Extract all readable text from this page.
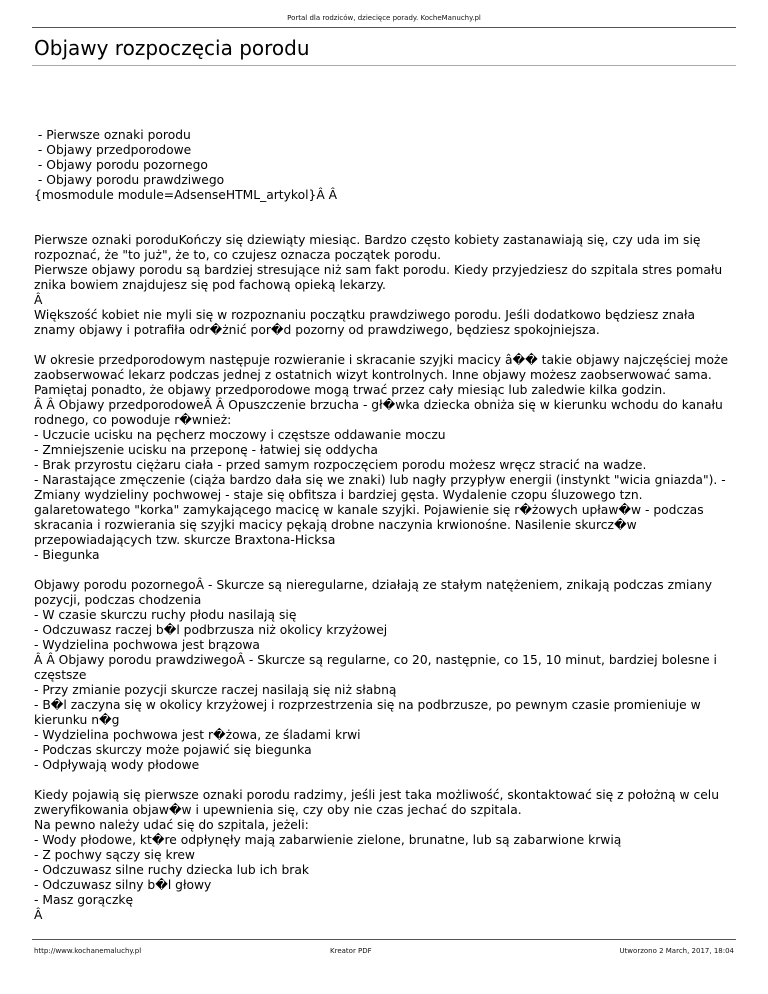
Portal dla rodziców, dziecięce porady. KocheManuchy.pl
Objawy rozpoczęcia porodu

- Pierwsze oznaki porodu

- Objawy przedporodowe

- Objawy porodu pozornego

- Objawy porodu prawdziwego

{mosmodule module=AdsenseHTML_artykol}Â Â

Pierwsze oznaki poroduKończy się dziewiąty miesiąc. Bardzo często kobiety zastanawiają się, czy uda im się rozpoznać, że "to już", że to, co czujesz oznacza początek porodu.

Pierwsze objawy porodu są bardziej stresujące niż sam fakt porodu. Kiedy przyjedziesz do szpitala stres pomału znika bowiem znajdujesz się pod fachową opieką lekarzy.

Â

Większość kobiet nie myli się w rozpoznaniu początku prawdziwego porodu. Jeśli dodatkowo będziesz znała znamy objawy i potrafiła odr�żnić por�d pozorny od prawdziwego, będziesz spokojniejsza.

W okresie przedporodowym następuje rozwieranie i skracanie szyjki macicy â�� takie objawy najczęściej może zaobserwować lekarz podczas jednej z ostatnich wizyt kontrolnych. Inne objawy możesz zaobserwować sama. Pamiętaj ponadto, że objawy przedporodowe mogą trwać przez cały miesiąc lub zaledwie kilka godzin.

Â Â Objawy przedporodoweÂ Â Opuszczenie brzucha - gł�wka dziecka obniża się w kierunku wchodu do kanału rodnego, co powoduje r�wnież:

- Uczucie ucisku na pęcherz moczowy i częstsze oddawanie moczu

- Zmniejszenie ucisku na przeponę - łatwiej się oddycha

- Brak przyrostu ciężaru ciała - przed samym rozpoczęciem porodu możesz wręcz stracić na wadze.

- Narastające zmęczenie (ciąża bardzo dała się we znaki) lub nagły przypływ energii (instynkt "wicia gniazda"). - Zmiany wydzieliny pochwowej - staje się obfitsza i bardziej gęsta. Wydalenie czopu śluzowego tzn. galaretowatego "korka" zamykającego macicę w kanale szyjki. Pojawienie się r�żowych upław�w - podczas skracania i rozwierania się szyjki macicy pękają drobne naczynia krwionośne. Nasilenie skurcz�w przepowiadających tzw. skurcze Braxtona-Hicksa

- Biegunka

Objawy porodu pozornegoÂ - Skurcze są nieregularne, działają ze stałym natężeniem, znikają podczas zmiany pozycji, podczas chodzenia

- W czasie skurczu ruchy płodu nasilają się

- Odczuwasz raczej b�l podbrzusza niż okolicy krzyżowej

- Wydzielina pochwowa jest brązowa

Â Â Objawy porodu prawdziwegoÂ - Skurcze są regularne, co 20, następnie, co 15, 10 minut, bardziej bolesne i częstsze

- Przy zmianie pozycji skurcze raczej nasilają się niż słabną

- B�l zaczyna się w okolicy krzyżowej i rozprzestrzenia się na podbrzusze, po pewnym czasie promieniuje w kierunku n�g

- Wydzielina pochwowa jest r�żowa, ze śladami krwi

- Podczas skurczy może pojawić się biegunka

- Odpływają wody płodowe

Kiedy pojawią się pierwsze oznaki porodu radzimy, jeśli jest taka możliwość, skontaktować się z położną w celu zweryfikowania objaw�w i upewnienia się, czy oby nie czas jechać do szpitala.

Na pewno należy udać się do szpitala, jeżeli:

- Wody płodowe, kt�re odpłynęły mają zabarwienie zielone, brunatne, lub są zabarwione krwią

- Z pochwy sączy się krew

- Odczuwasz silne ruchy dziecka lub ich brak

- Odczuwasz silny b�l głowy

- Masz gorączkę

Â

http://www.kochanemaluchy.pl	Kreator PDF	Utworzono 2 March, 2017, 18:04
